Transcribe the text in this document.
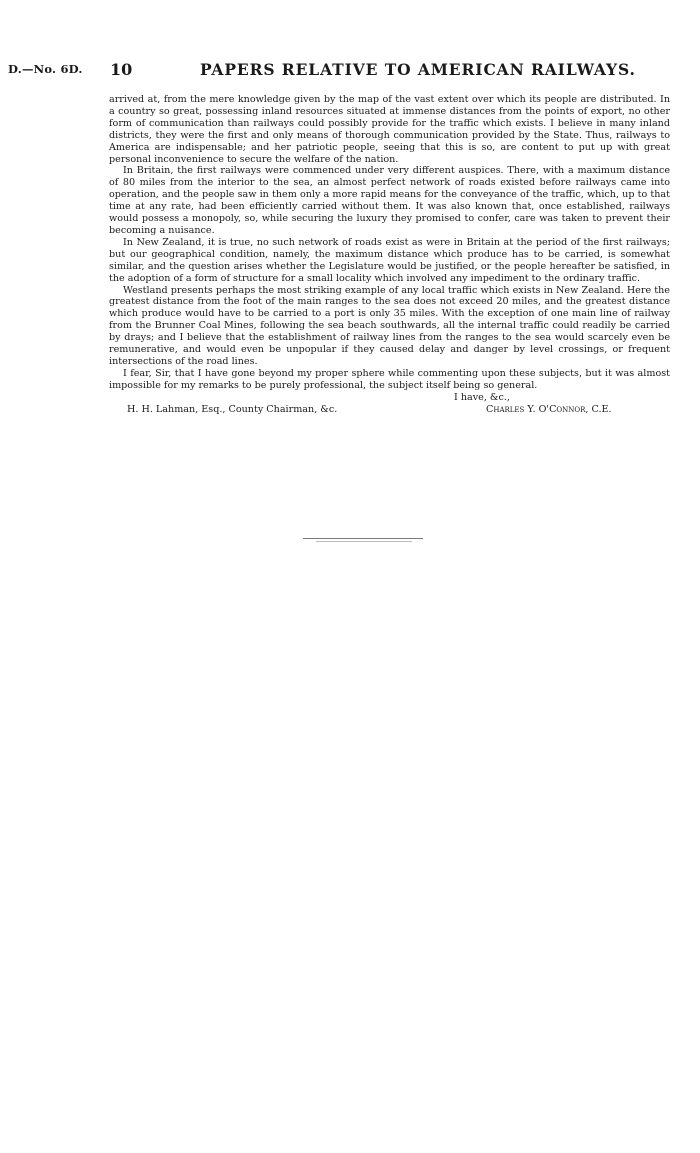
D.—No. 6D. 10	PAPERS RELATIVE TO AMERICAN RAILWAYS.

arrived at, from the mere knowledge given by the map of the vast extent over which its people are distributed. In a country so great, possessing inland resources situated at immense distances from the points of export, no other form of communication than railways could possibly provide for the traffic which exists. I believe in many inland districts, they were the first and only means of thorough communication provided by the State. Thus, railways to America are indispensable; and her patriotic people, seeing that this is so, are content to put up with great personal inconvenience to secure the welfare of the nation.

In Britain, the first railways were commenced under very different auspices. There, with a maximum distance of 80 miles from the interior to the sea, an almost perfect network of roads existed before railways came into operation, and the people saw in them only a more rapid means for the conveyance of the traffic, which, up to that time at any rate, had been efficiently carried without them. It was also known that, once established, railways would possess a monopoly, so, while securing the luxury they promised to confer, care was taken to prevent their becoming a nuisance.

In New Zealand, it is true, no such network of roads exist as were in Britain at the period of the first railways; but our geographical condition, namely, the maximum distance which produce has to be carried, is somewhat similar, and the question arises whether the Legislature would be justified, or the people hereafter be satisfied, in the adoption of a form of structure for a small locality which involved any impediment to the ordinary traffic.

Westland presents perhaps the most striking example of any local traffic which exists in New Zealand. Here the greatest distance from the foot of the main ranges to the sea does not exceed 20 miles, and the greatest distance which produce would have to be carried to a port is only 35 miles. With the exception of one main line of railway from the Brunner Coal Mines, following the sea beach southwards, all the internal traffic could readily be carried by drays; and I believe that the establishment of railway lines from the ranges to the sea would scarcely even be remunerative, and would even be unpopular if they caused delay and danger by level crossings, or frequent intersections of the road lines.

I fear, Sir, that I have gone beyond my proper sphere while commenting upon these subjects, but it was almost impossible for my remarks to be purely professional, the subject itself being so general.

I have, &c.,

H. H. Lahman, Esq., County Chairman, &c.	Charles Y. O'Connor, C.E.
